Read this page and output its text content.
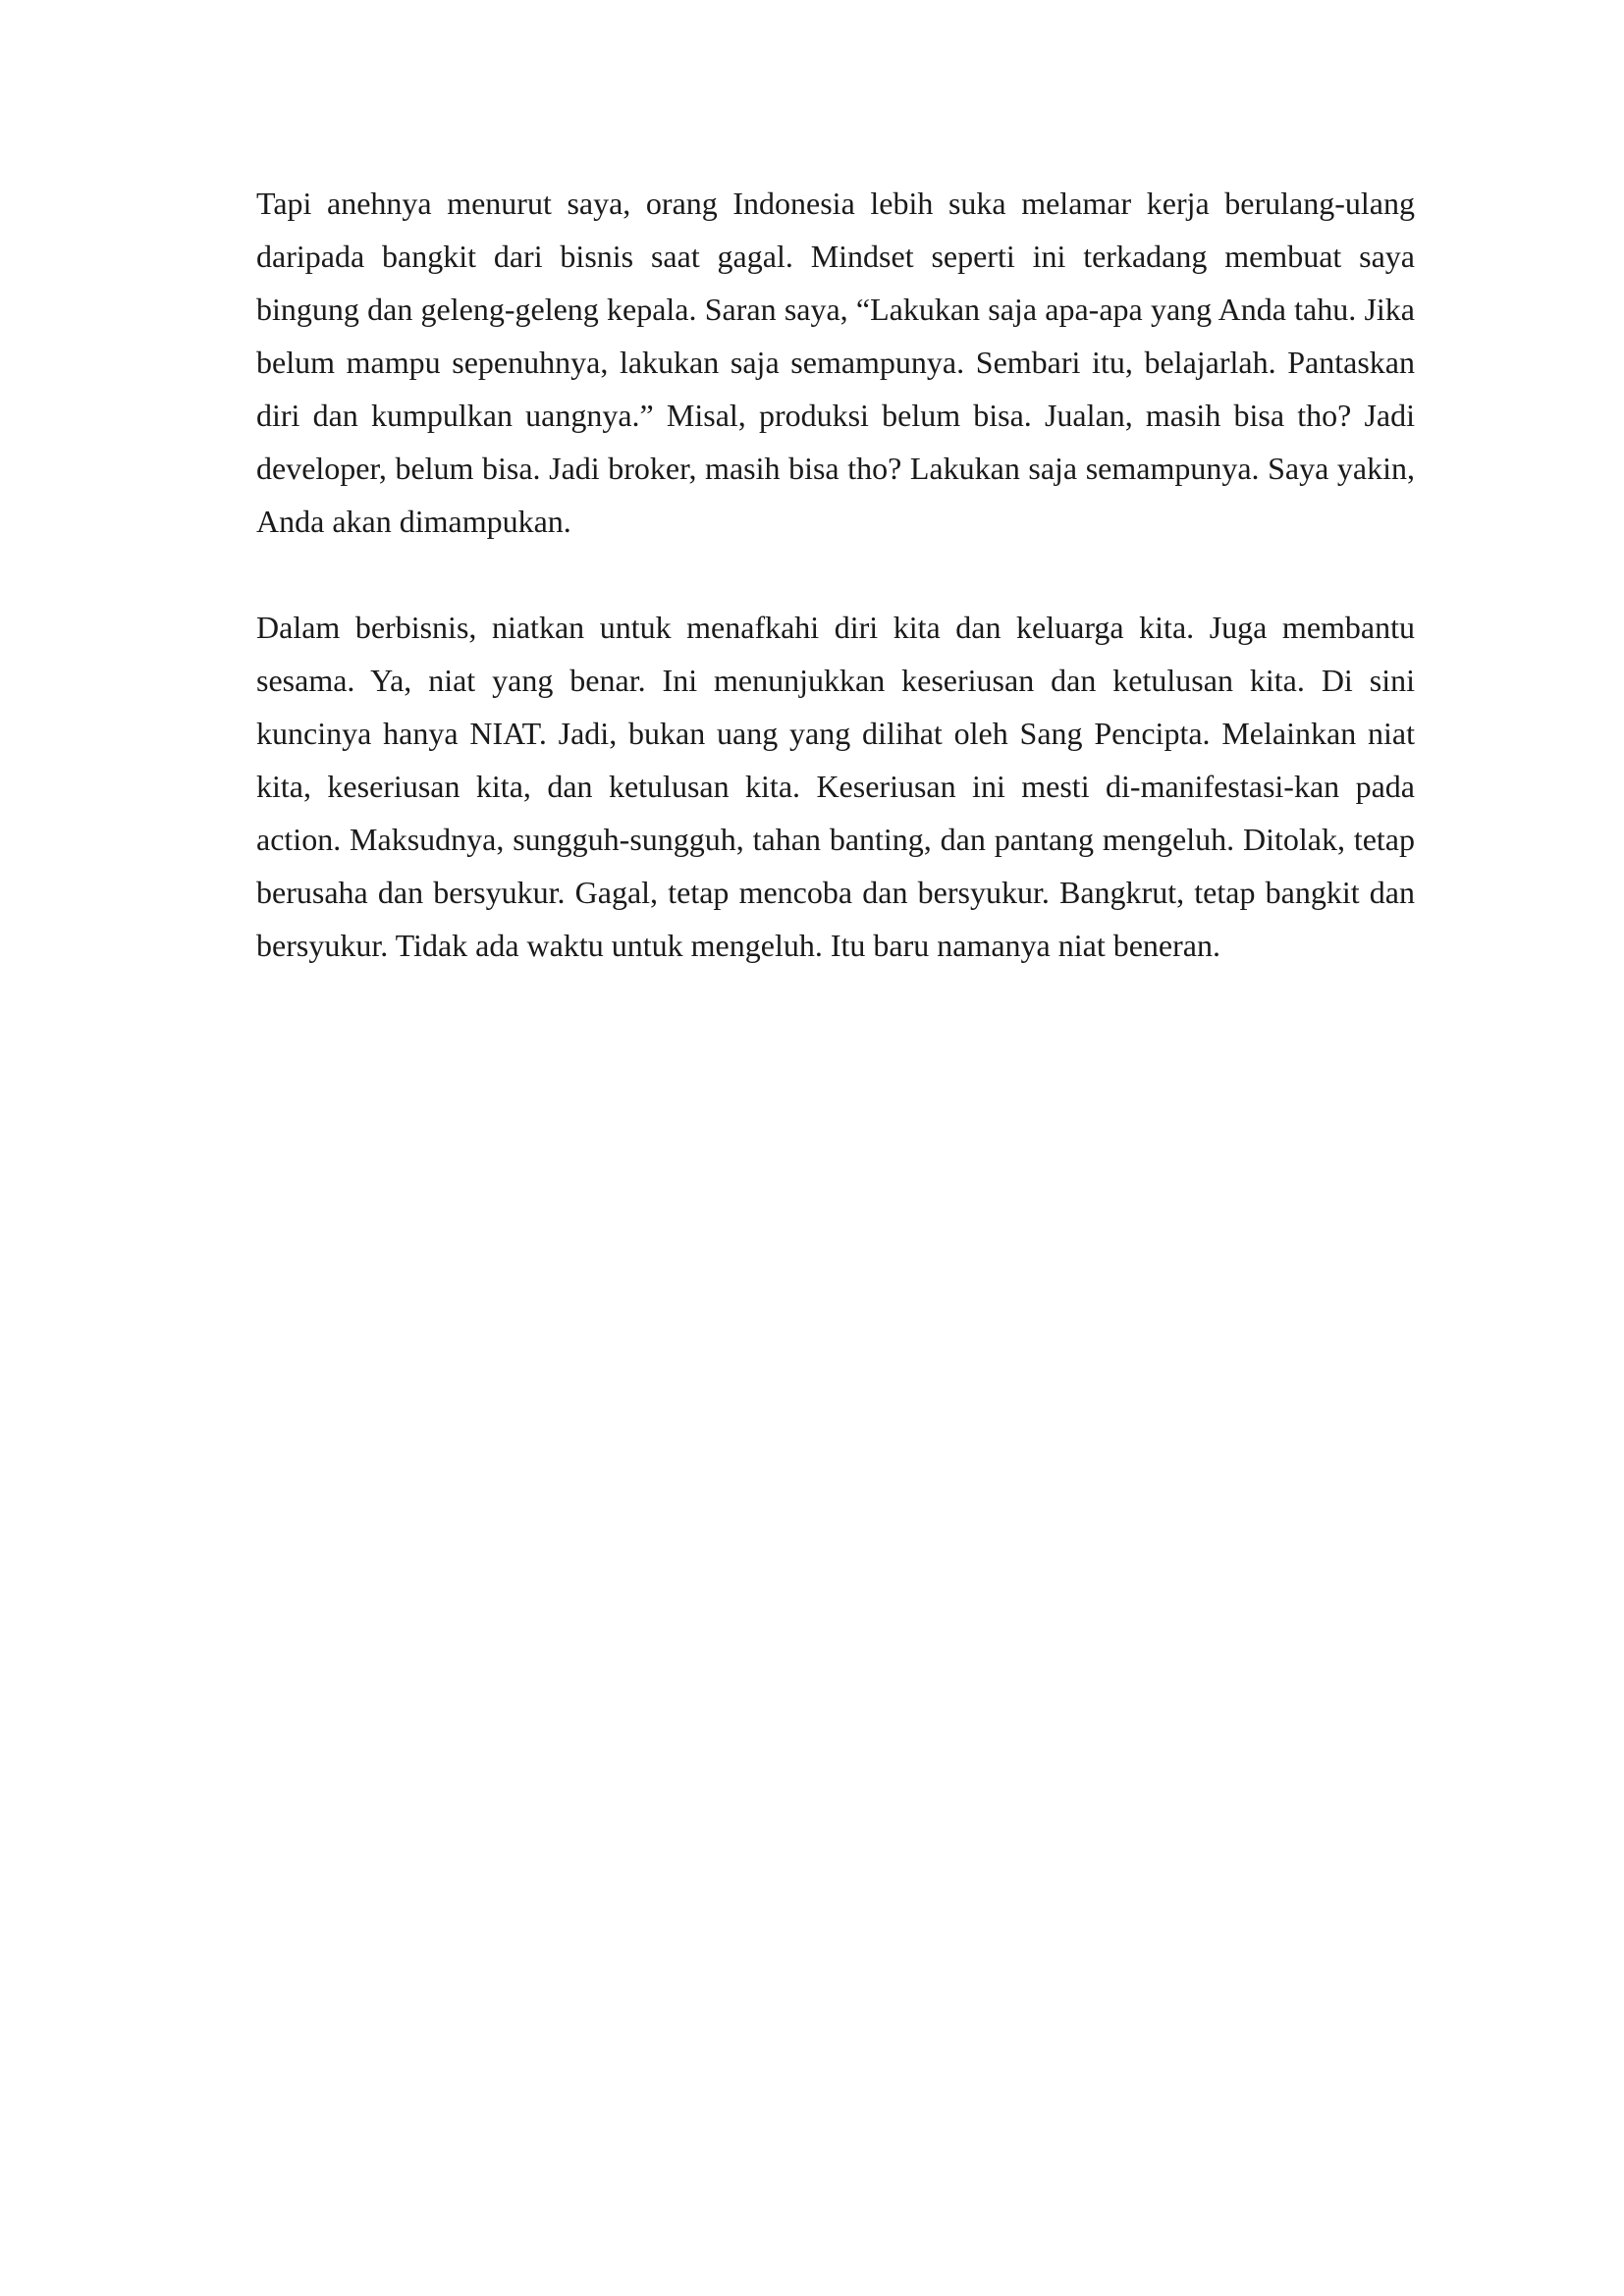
Tapi anehnya menurut saya, orang Indonesia lebih suka melamar kerja berulang-ulang daripada bangkit dari bisnis saat gagal. Mindset seperti ini terkadang membuat saya bingung dan geleng-geleng kepala. Saran saya, “Lakukan saja apa-apa yang Anda tahu. Jika belum mampu sepenuhnya, lakukan saja semampunya. Sembari itu, belajarlah. Pantaskan diri dan kumpulkan uangnya.” Misal, produksi belum bisa. Jualan, masih bisa tho? Jadi developer, belum bisa. Jadi broker, masih bisa tho? Lakukan saja semampunya. Saya yakin, Anda akan dimampukan.

Dalam berbisnis, niatkan untuk menafkahi diri kita dan keluarga kita. Juga membantu sesama. Ya, niat yang benar. Ini menunjukkan keseriusan dan ketulusan kita. Di sini kuncinya hanya NIAT. Jadi, bukan uang yang dilihat oleh Sang Pencipta. Melainkan niat kita, keseriusan kita, dan ketulusan kita. Keseriusan ini mesti di-manifestasi-kan pada action. Maksudnya, sungguh-sungguh, tahan banting, dan pantang mengeluh. Ditolak, tetap berusaha dan bersyukur. Gagal, tetap mencoba dan bersyukur. Bangkrut, tetap bangkit dan bersyukur. Tidak ada waktu untuk mengeluh. Itu baru namanya niat beneran.
